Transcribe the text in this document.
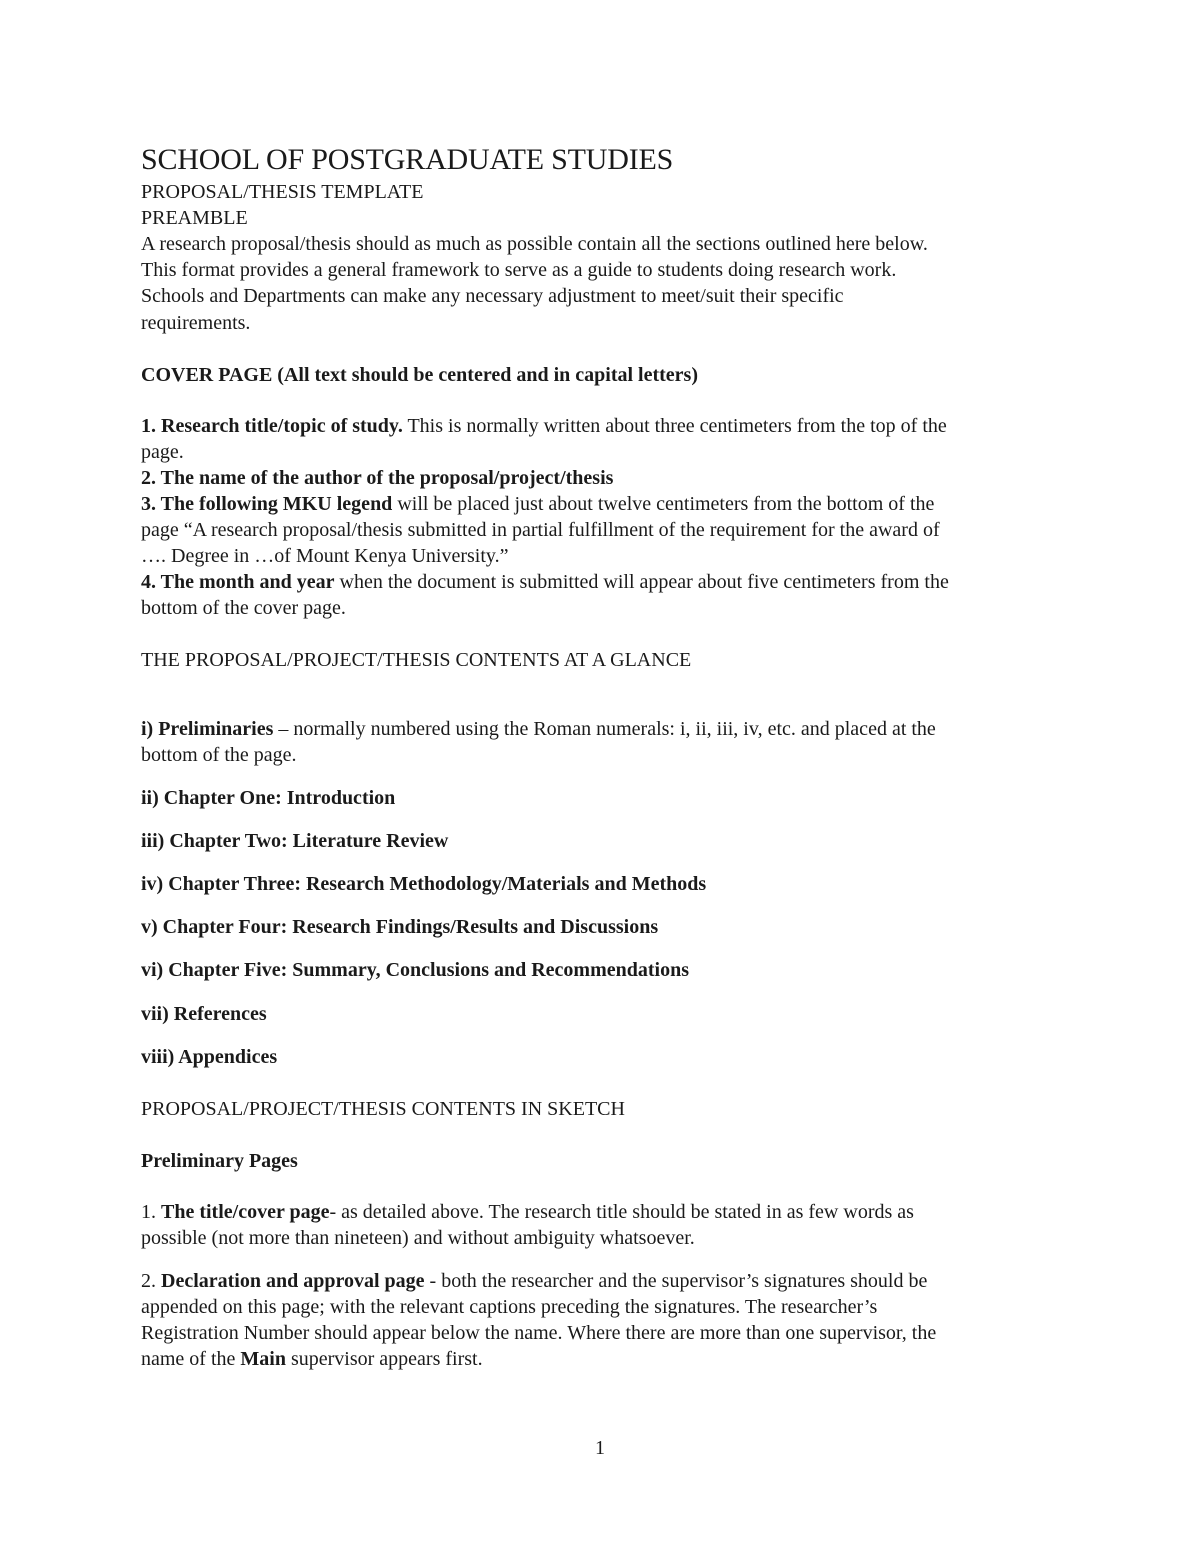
SCHOOL OF POSTGRADUATE STUDIES
PROPOSAL/THESIS TEMPLATE
PREAMBLE
A research proposal/thesis should as much as possible contain all the sections outlined here below.
This format provides a general framework to serve as a guide to students doing research work.
Schools and Departments can make any necessary adjustment to meet/suit their specific
requirements.
COVER PAGE (All text should be centered and in capital letters)
1. Research title/topic of study. This is normally written about three centimeters from the top of the
page.
2. The name of the author of the proposal/project/thesis
3. The following MKU legend will be placed just about twelve centimeters from the bottom of the
page “A research proposal/thesis submitted in partial fulfillment of the requirement for the award of
…. Degree in …of Mount Kenya University.”
4. The month and year when the document is submitted will appear about five centimeters from the
bottom of the cover page.
THE PROPOSAL/PROJECT/THESIS CONTENTS AT A GLANCE
i) Preliminaries – normally numbered using the Roman numerals: i, ii, iii, iv, etc. and placed at the
bottom of the page.
ii) Chapter One: Introduction
iii) Chapter Two: Literature Review
iv) Chapter Three: Research Methodology/Materials and Methods
v) Chapter Four: Research Findings/Results and Discussions
vi) Chapter Five: Summary, Conclusions and Recommendations
vii) References
viii) Appendices
PROPOSAL/PROJECT/THESIS CONTENTS IN SKETCH
Preliminary Pages
1. The title/cover page- as detailed above. The research title should be stated in as few words as
possible (not more than nineteen) and without ambiguity whatsoever.
2. Declaration and approval page - both the researcher and the supervisor’s signatures should be
appended on this page; with the relevant captions preceding the signatures. The researcher’s
Registration Number should appear below the name. Where there are more than one supervisor, the
name of the Main supervisor appears first.
1
